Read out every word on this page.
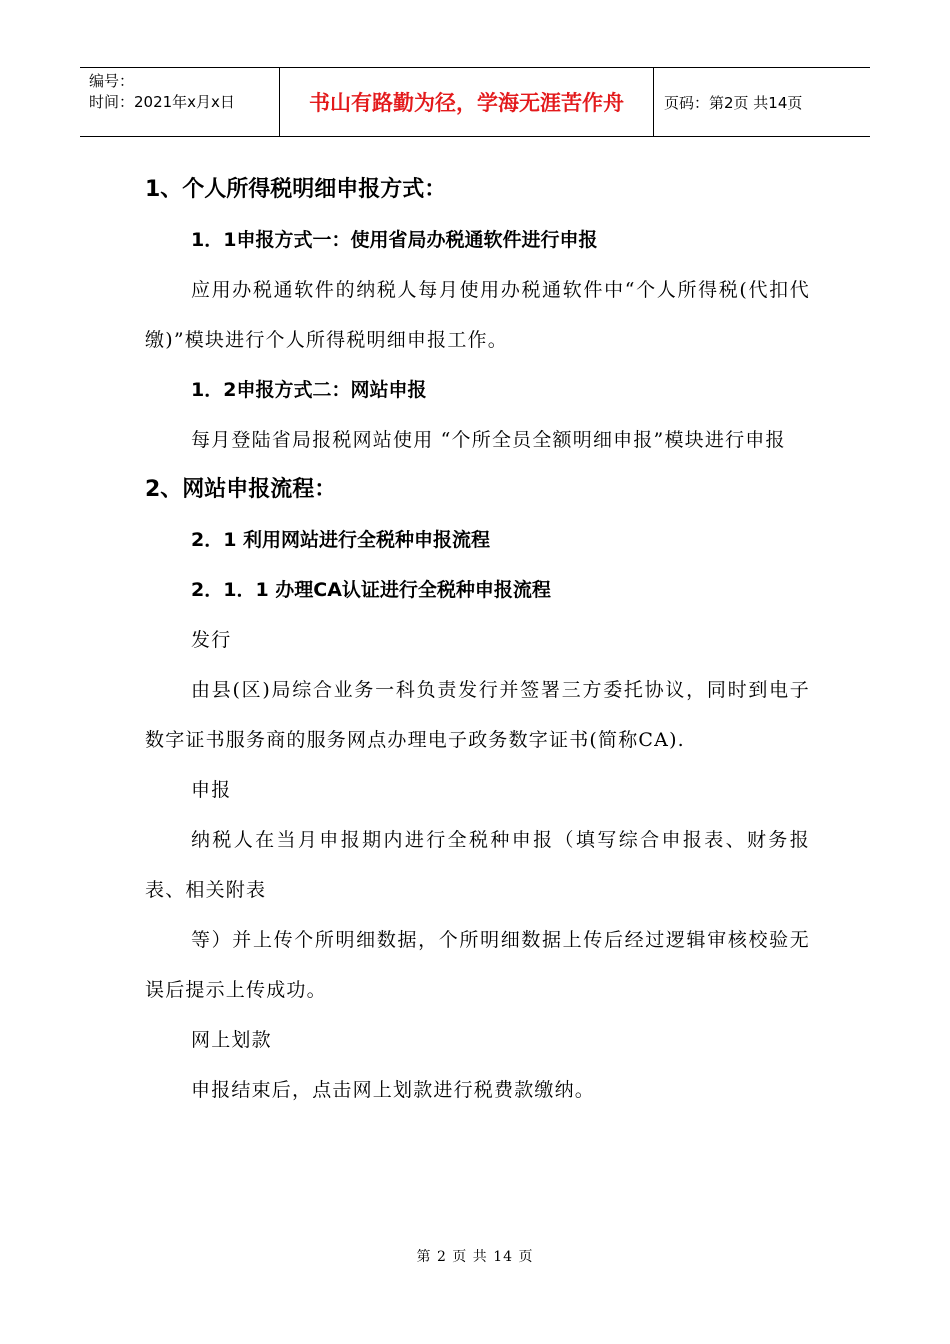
编号：
时间：2021年x月x日	书山有路勤为径，学海无涯苦作舟	页码：第2页 共14页
1、个人所得税明细申报方式：
1．1申报方式一：使用省局办税通软件进行申报
应用办税通软件的纳税人每月使用办税通软件中“个人所得税(代扣代缴)”模块进行个人所得税明细申报工作。
1．2申报方式二：网站申报
每月登陆省局报税网站使用 “个所全员全额明细申报”模块进行申报
2、网站申报流程：
2．1 利用网站进行全税种申报流程
2．1．1 办理CA认证进行全税种申报流程
发行
由县(区)局综合业务一科负责发行并签署三方委托协议，同时到电子数字证书服务商的服务网点办理电子政务数字证书(简称CA).
申报
纳税人在当月申报期内进行全税种申报（填写综合申报表、财务报表、相关附表
等）并上传个所明细数据，个所明细数据上传后经过逻辑审核校验无误后提示上传成功。
网上划款
申报结束后，点击网上划款进行税费款缴纳。
第 2 页 共 14 页
